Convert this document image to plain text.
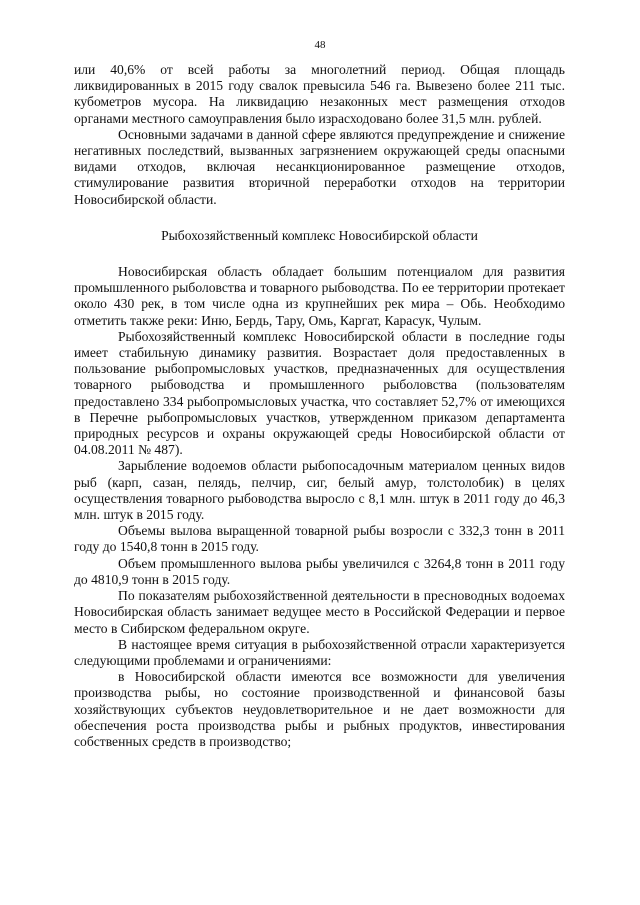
48

или 40,6% от всей работы за многолетний период. Общая площадь ликвидированных в 2015 году свалок превысила 546 га. Вывезено более 211 тыс. кубометров мусора. На ликвидацию незаконных мест размещения отходов органами местного самоуправления было израсходовано более 31,5 млн. рублей.

Основными задачами в данной сфере являются предупреждение и снижение негативных последствий, вызванных загрязнением окружающей среды опасными видами отходов, включая несанкционированное размещение отходов, стимулирование развития вторичной переработки отходов на территории Новосибирской области.

Рыбохозяйственный комплекс Новосибирской области

Новосибирская область обладает большим потенциалом для развития промышленного рыболовства и товарного рыбоводства. По ее территории протекает около 430 рек, в том числе одна из крупнейших рек мира – Обь. Необходимо отметить также реки: Иню, Бердь, Тару, Омь, Каргат, Карасук, Чулым.

Рыбохозяйственный комплекс Новосибирской области в последние годы имеет стабильную динамику развития. Возрастает доля предоставленных в пользование рыбопромысловых участков, предназначенных для осуществления товарного рыбоводства и промышленного рыболовства (пользователям предоставлено 334 рыбопромысловых участка, что составляет 52,7% от имеющихся в Перечне рыбопромысловых участков, утвержденном приказом департамента природных ресурсов и охраны окружающей среды Новосибирской области от 04.08.2011 № 487).

Зарыбление водоемов области рыбопосадочным материалом ценных видов рыб (карп, сазан, пелядь, пелчир, сиг, белый амур, толстолобик) в целях осуществления товарного рыбоводства выросло с 8,1 млн. штук в 2011 году до 46,3 млн. штук в 2015 году.

Объемы вылова выращенной товарной рыбы возросли с 332,3 тонн в 2011 году до 1540,8 тонн в 2015 году.

Объем промышленного вылова рыбы увеличился с 3264,8 тонн в 2011 году до 4810,9 тонн в 2015 году.

По показателям рыбохозяйственной деятельности в пресноводных водоемах Новосибирская область занимает ведущее место в Российской Федерации и первое место в Сибирском федеральном округе.

В настоящее время ситуация в рыбохозяйственной отрасли характеризуется следующими проблемами и ограничениями:

в Новосибирской области имеются все возможности для увеличения производства рыбы, но состояние производственной и финансовой базы хозяйствующих субъектов неудовлетворительное и не дает возможности для обеспечения роста производства рыбы и рыбных продуктов, инвестирования собственных средств в производство;
